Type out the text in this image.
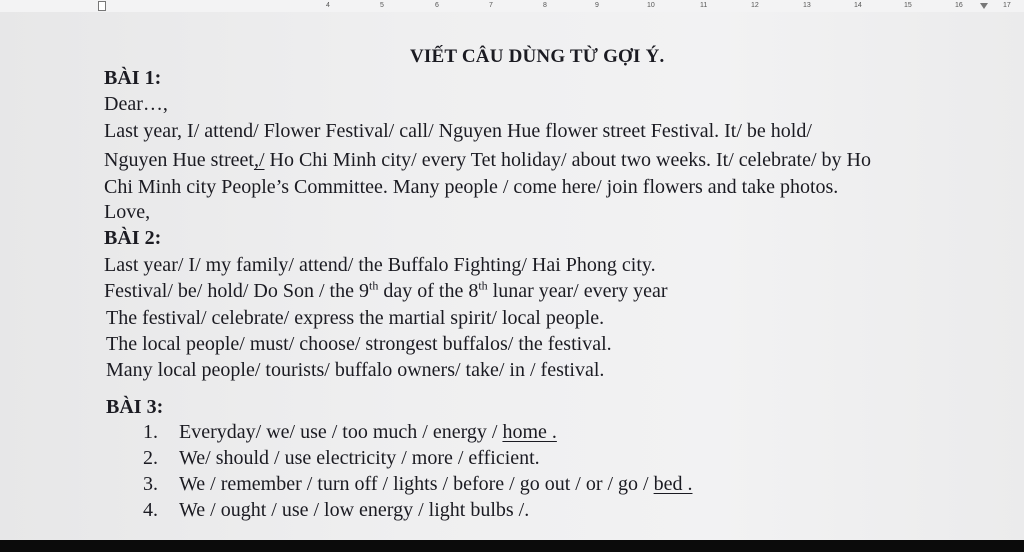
4	5	6	7	8	9	10	11	12	13	14	15	16	17
VIẾT CÂU DÙNG TỪ GỢI Ý.
BÀI 1:
Dear…,
Last year, I/ attend/ Flower Festival/ call/ Nguyen Hue flower street Festival. It/ be hold/
Nguyen Hue street,/ Ho Chi Minh city/ every Tet holiday/ about two weeks. It/ celebrate/ by Ho
Chi Minh city People’s Committee. Many people / come here/ join flowers and take photos.
Love,
BÀI 2:
Last year/ I/ my family/ attend/ the Buffalo Fighting/ Hai Phong city.
Festival/ be/ hold/ Do Son / the 9th day of the 8th lunar year/ every year
The festival/ celebrate/ express the martial spirit/ local people.
The local people/ must/ choose/ strongest buffalos/ the festival.
Many local people/ tourists/ buffalo owners/ take/ in / festival.
BÀI 3:
1. Everyday/ we/ use / too much / energy / home .
2. We/ should / use electricity / more / efficient.
3. We / remember / turn off / lights / before / go out / or / go / bed .
4. We / ought / use / low energy / light bulbs /.
